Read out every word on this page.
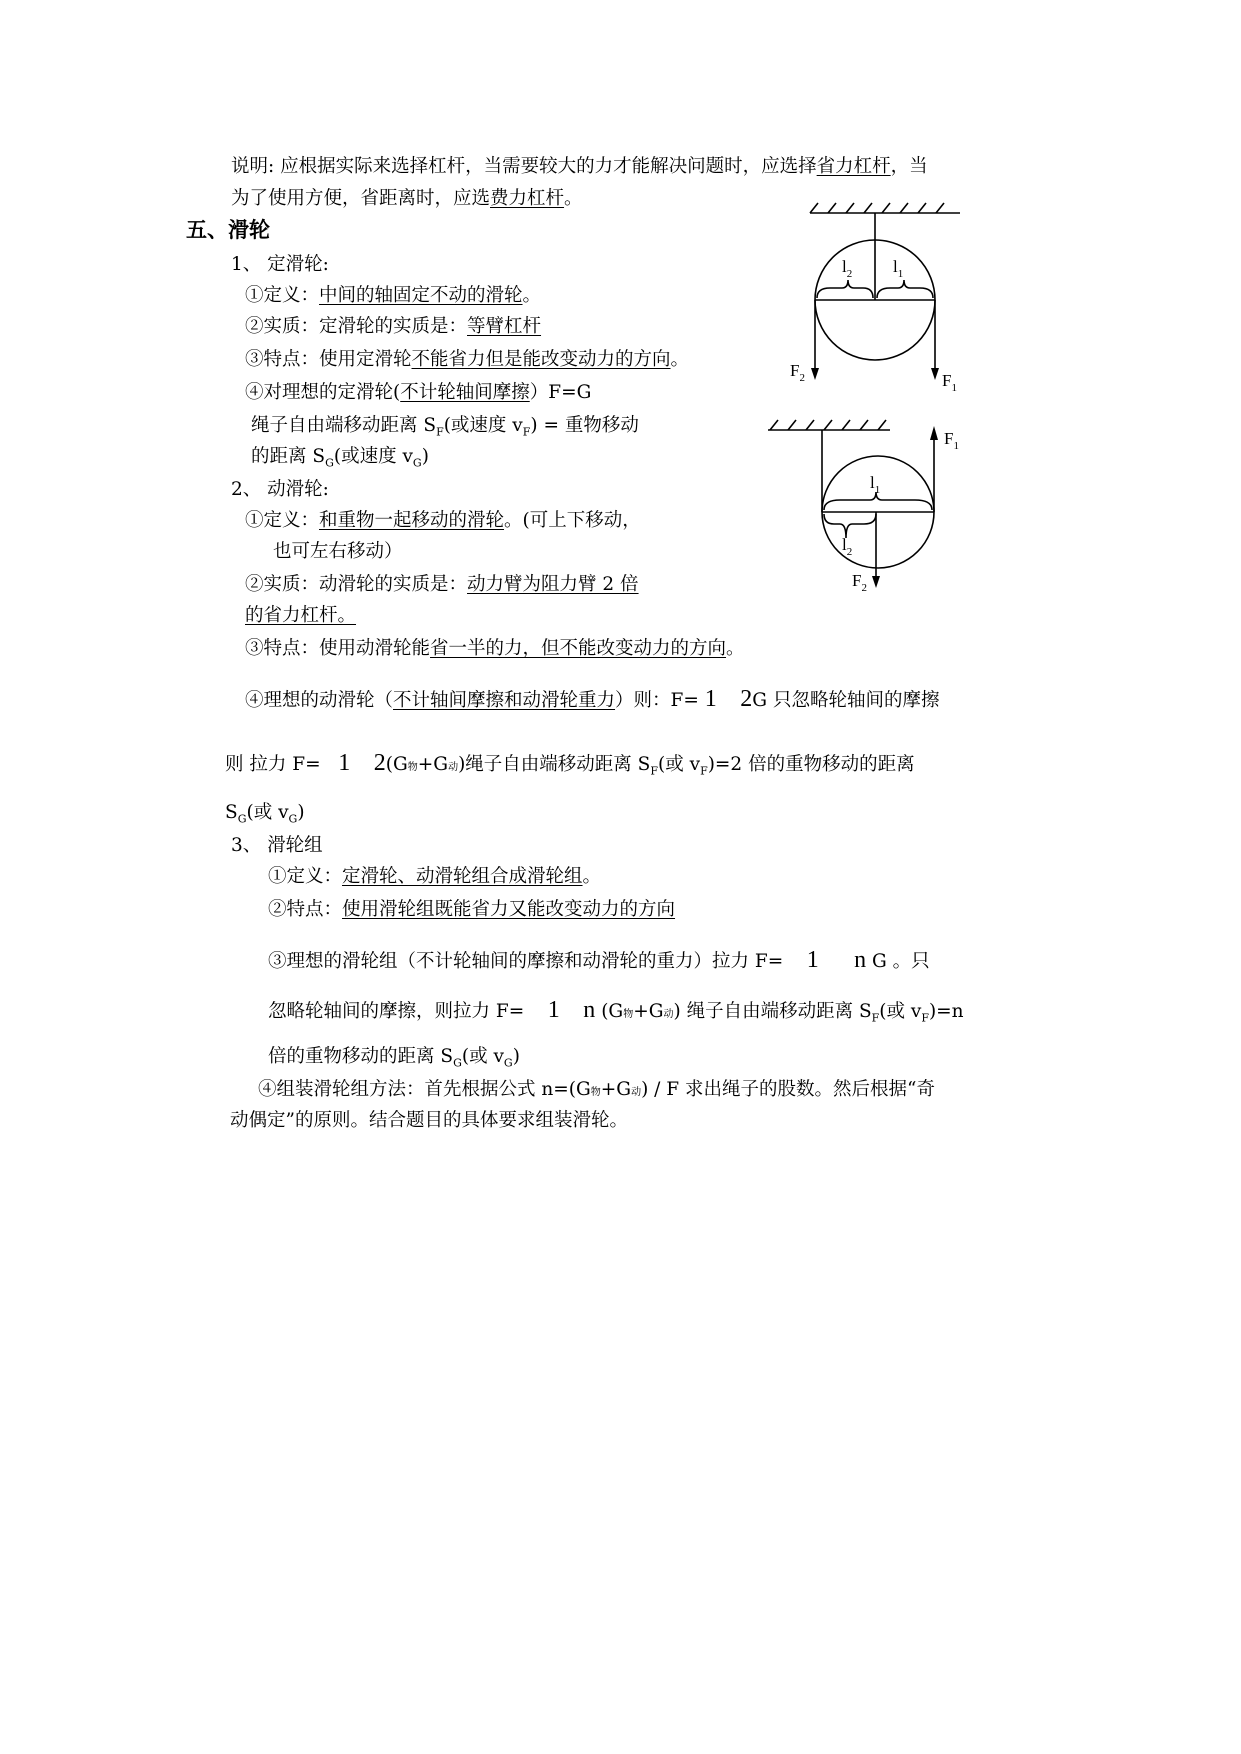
说明: 应根据实际来选择杠杆，当需要较大的力才能解决问题时，应选择省力杠杆，当
为了使用方便，省距离时，应选费力杠杆。
五、滑轮
1、 定滑轮:
①定义：中间的轴固定不动的滑轮。
②实质：定滑轮的实质是：等臂杠杆
③特点：使用定滑轮不能省力但是能改变动力的方向。
④对理想的定滑轮(不计轮轴间摩擦）F=G
绳子自由端移动距离 $S_F$(或速度 $v_F$) = 重物移动
的距离 $S_G$(或速度 $v_G$)
2、 动滑轮:
①定义：和重物一起移动的滑轮。(可上下移动，
也可左右移动）
②实质：动滑轮的实质是：动力臂为阻力臂 2 倍
的省力杠杆。
③特点：使用动滑轮能省一半的力，但不能改变动力的方向。
④理想的动滑轮（不计轴间摩擦和动滑轮重力）则：F= 1 2G 只忽略轮轴间的摩擦
则 拉力 F= 1 2(G物+G动)绳子自由端移动距离 $S_F$(或 $v_F)=2$ 倍的重物移动的距离
$S_G$(或 $v_G$)
3、 滑轮组
①定义：定滑轮、动滑轮组合成滑轮组。
②特点：使用滑轮组既能省力又能改变动力的方向
③理想的滑轮组（不计轮轴间的摩擦和动滑轮的重力）拉力 F= 1 n G 。只
忽略轮轴间的摩擦，则拉力 F= 1 n (G物+G动) 绳子自由端移动距离 $S_F$(或 $v_F)=n$
倍的重物移动的距离 $S_G$(或 $v_G$)
④组装滑轮组方法：首先根据公式 n=(G物+G动) / F 求出绳子的股数。然后根据“奇
动偶定”的原则。结合题目的具体要求组装滑轮。
$l_2$ $l_1$
$F_2$	$F_1$
$F_1$
$l_1$
$l_2$
$F_2$
